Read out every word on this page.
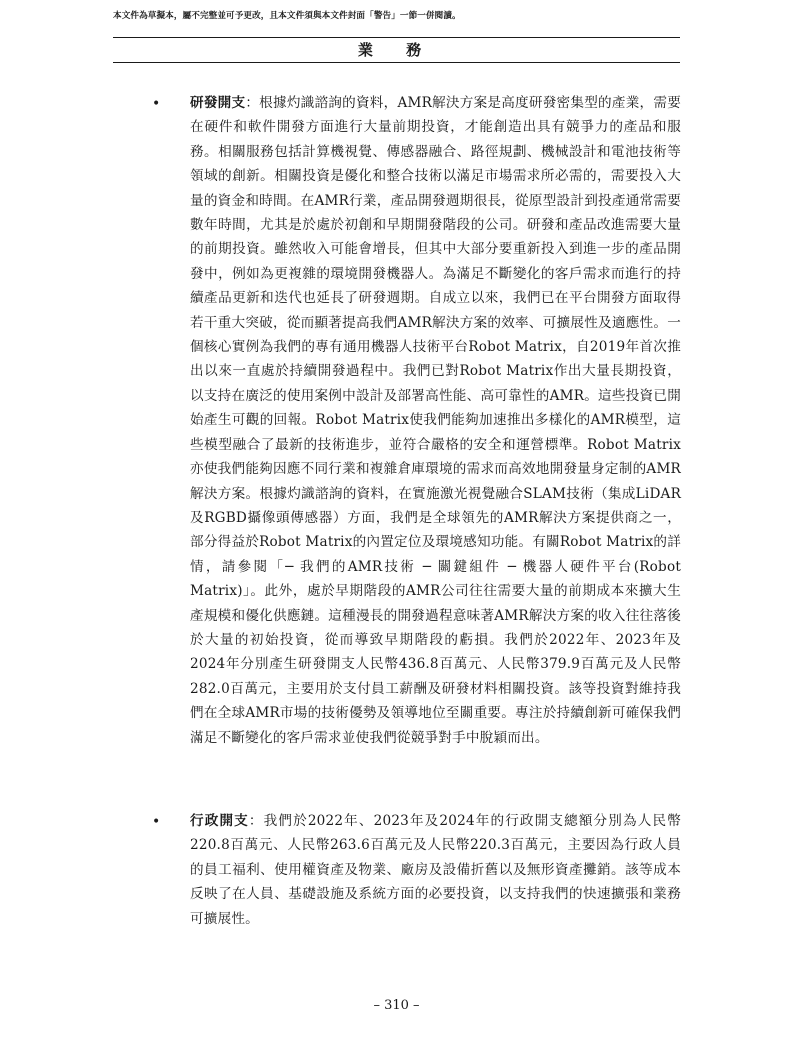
本文件為草擬本，屬不完整並可予更改，且本文件須與本文件封面「警告」一節一併閱讀。
業 務
• 研發開支：根據灼識諮詢的資料，AMR解決方案是高度研發密集型的產業，需要在硬件和軟件開發方面進行大量前期投資，才能創造出具有競爭力的產品和服務。相關服務包括計算機視覺、傳感器融合、路徑規劃、機械設計和電池技術等領域的創新。相關投資是優化和整合技術以滿足市場需求所必需的，需要投入大量的資金和時間。在AMR行業，產品開發週期很長，從原型設計到投產通常需要數年時間，尤其是於處於初創和早期開發階段的公司。研發和產品改進需要大量的前期投資。雖然收入可能會增長，但其中大部分要重新投入到進一步的產品開發中，例如為更複雜的環境開發機器人。為滿足不斷變化的客戶需求而進行的持續產品更新和迭代也延長了研發週期。自成立以來，我們已在平台開發方面取得若干重大突破，從而顯著提高我們AMR解決方案的效率、可擴展性及適應性。一個核心實例為我們的專有通用機器人技術平台Robot Matrix，自2019年首次推出以來一直處於持續開發過程中。我們已對Robot Matrix作出大量長期投資，以支持在廣泛的使用案例中設計及部署高性能、高可靠性的AMR。這些投資已開始產生可觀的回報。Robot Matrix使我們能夠加速推出多樣化的AMR模型，這些模型融合了最新的技術進步，並符合嚴格的安全和運營標準。Robot Matrix亦使我們能夠因應不同行業和複雜倉庫環境的需求而高效地開發量身定制的AMR解決方案。根據灼識諮詢的資料，在實施激光視覺融合SLAM技術（集成LiDAR及RGBD攝像頭傳感器）方面，我們是全球領先的AMR解決方案提供商之一，部分得益於Robot Matrix的內置定位及環境感知功能。有關Robot Matrix的詳情，請參閱「─ 我們的AMR技術 ─ 關鍵組件 ─ 機器人硬件平台(Robot Matrix)」。此外，處於早期階段的AMR公司往往需要大量的前期成本來擴大生產規模和優化供應鏈。這種漫長的開發過程意味著AMR解決方案的收入往往落後於大量的初始投資，從而導致早期階段的虧損。我們於2022年、2023年及2024年分別產生研發開支人民幣436.8百萬元、人民幣379.9百萬元及人民幣282.0百萬元，主要用於支付員工薪酬及研發材料相關投資。該等投資對維持我們在全球AMR市場的技術優勢及領導地位至關重要。專注於持續創新可確保我們滿足不斷變化的客戶需求並使我們從競爭對手中脫穎而出。
• 行政開支：我們於2022年、2023年及2024年的行政開支總額分別為人民幣220.8百萬元、人民幣263.6百萬元及人民幣220.3百萬元，主要因為行政人員的員工福利、使用權資產及物業、廠房及設備折舊以及無形資產攤銷。該等成本反映了在人員、基礎設施及系統方面的必要投資，以支持我們的快速擴張和業務可擴展性。
– 310 –
